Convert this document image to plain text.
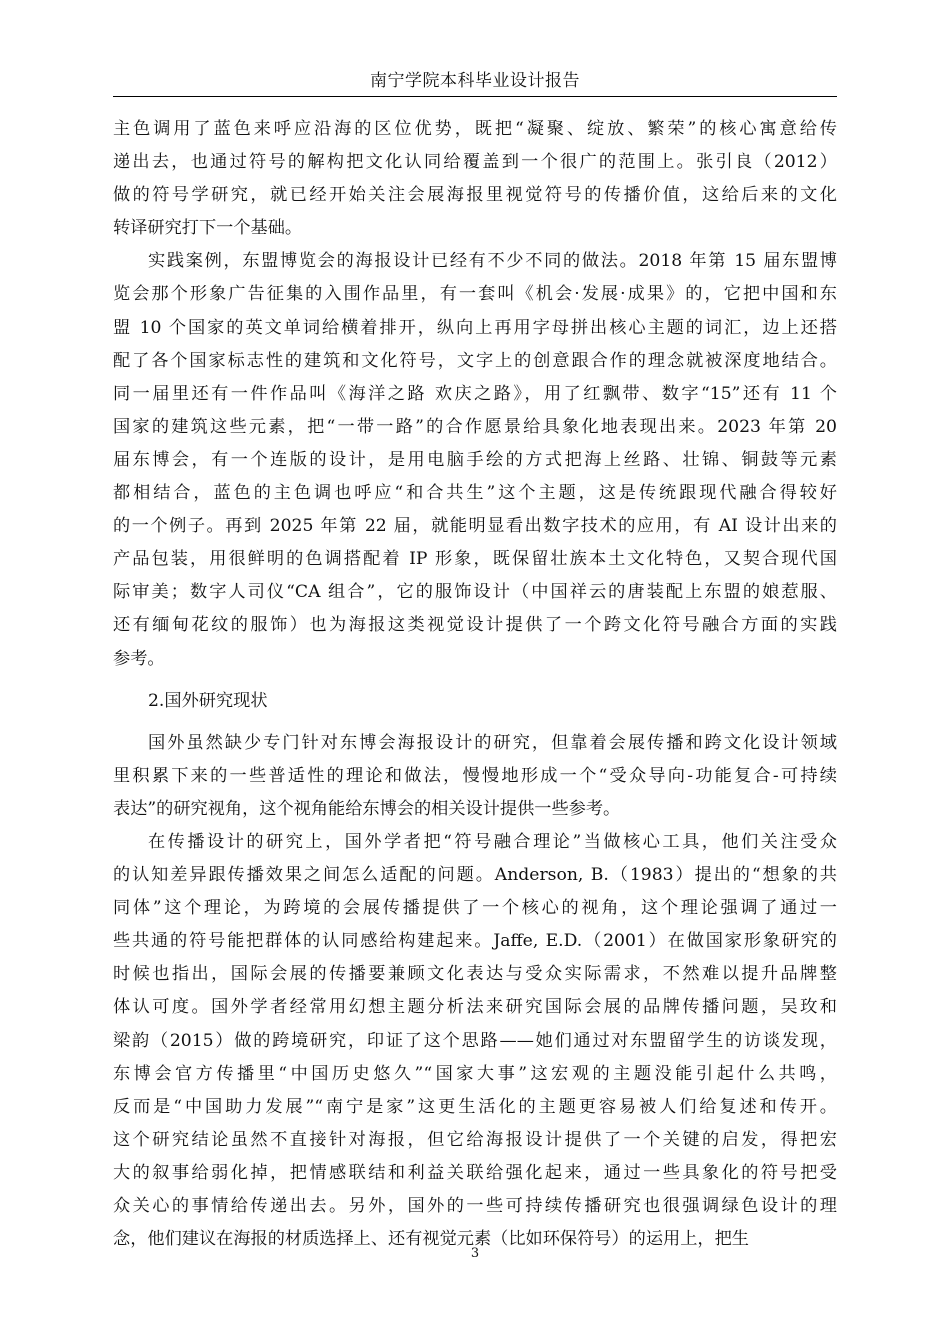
南宁学院本科毕业设计报告
主色调用了蓝色来呼应沿海的区位优势，既把“凝聚、绽放、繁荣”的核心寓意给传
递出去，也通过符号的解构把文化认同给覆盖到一个很广的范围上。张引良（2012）
做的符号学研究，就已经开始关注会展海报里视觉符号的传播价值，这给后来的文化
转译研究打下一个基础。
实践案例，东盟博览会的海报设计已经有不少不同的做法。2018 年第 15 届东盟博
览会那个形象广告征集的入围作品里，有一套叫《机会·发展·成果》的，它把中国和东
盟 10 个国家的英文单词给横着排开，纵向上再用字母拼出核心主题的词汇，边上还搭
配了各个国家标志性的建筑和文化符号，文字上的创意跟合作的理念就被深度地结合。
同一届里还有一件作品叫《海洋之路 欢庆之路》，用了红飘带、数字“15”还有 11 个
国家的建筑这些元素，把“一带一路”的合作愿景给具象化地表现出来。2023 年第 20
届东博会，有一个连版的设计，是用电脑手绘的方式把海上丝路、壮锦、铜鼓等元素
都相结合，蓝色的主色调也呼应“和合共生”这个主题，这是传统跟现代融合得较好
的一个例子。再到 2025 年第 22 届，就能明显看出数字技术的应用，有 AI 设计出来的
产品包装，用很鲜明的色调搭配着 IP 形象，既保留壮族本土文化特色，又契合现代国
际审美；数字人司仪“CA 组合”，它的服饰设计（中国祥云的唐装配上东盟的娘惹服、
还有缅甸花纹的服饰）也为海报这类视觉设计提供了一个跨文化符号融合方面的实践
参考。
2.国外研究现状
国外虽然缺少专门针对东博会海报设计的研究，但靠着会展传播和跨文化设计领域
里积累下来的一些普适性的理论和做法，慢慢地形成一个“受众导向-功能复合-可持续
表达”的研究视角，这个视角能给东博会的相关设计提供一些参考。
在传播设计的研究上，国外学者把“符号融合理论”当做核心工具，他们关注受众
的认知差异跟传播效果之间怎么适配的问题。Anderson, B.（1983）提出的“想象的共
同体”这个理论，为跨境的会展传播提供了一个核心的视角，这个理论强调了通过一
些共通的符号能把群体的认同感给构建起来。Jaffe, E.D.（2001）在做国家形象研究的
时候也指出，国际会展的传播要兼顾文化表达与受众实际需求，不然难以提升品牌整
体认可度。国外学者经常用幻想主题分析法来研究国际会展的品牌传播问题，吴玫和
梁韵（2015）做的跨境研究，印证了这个思路——她们通过对东盟留学生的访谈发现，
东博会官方传播里“中国历史悠久”“国家大事”这宏观的主题没能引起什么共鸣，
反而是“中国助力发展”“南宁是家”这更生活化的主题更容易被人们给复述和传开。
这个研究结论虽然不直接针对海报，但它给海报设计提供了一个关键的启发，得把宏
大的叙事给弱化掉，把情感联结和利益关联给强化起来，通过一些具象化的符号把受
众关心的事情给传递出去。另外，国外的一些可持续传播研究也很强调绿色设计的理
念，他们建议在海报的材质选择上、还有视觉元素（比如环保符号）的运用上，把生
3
